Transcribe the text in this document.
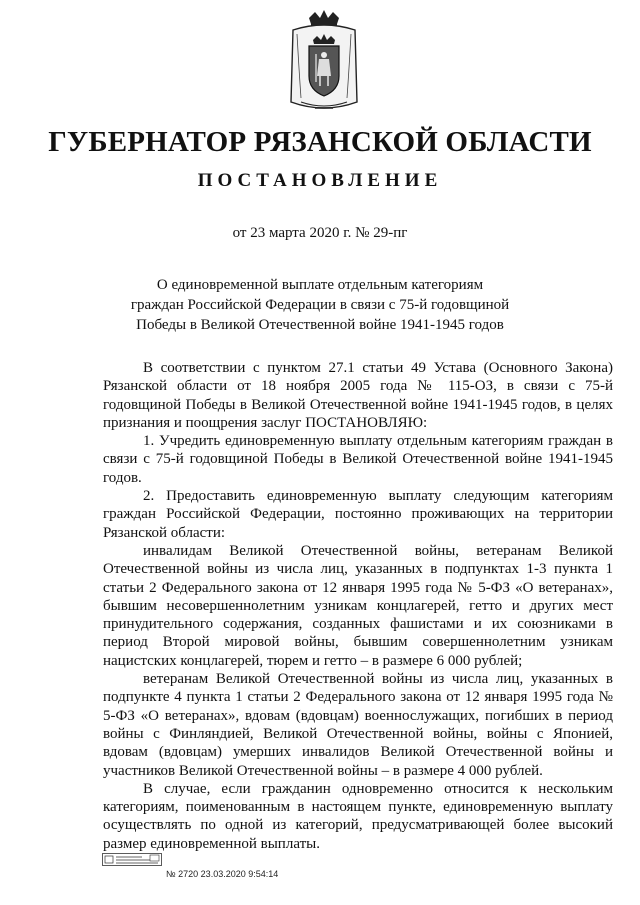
ГУБЕРНАТОР РЯЗАНСКОЙ ОБЛАСТИ
ПОСТАНОВЛЕНИЕ
от 23 марта 2020 г. № 29-пг
О единовременной выплате отдельным категориям
граждан Российской Федерации в связи с 75-й годовщиной
Победы в Великой Отечественной войне 1941-1945 годов

В соответствии с пунктом 27.1 статьи 49 Устава (Основного Закона) Рязанской области от 18 ноября 2005 года № 115-ОЗ, в связи с 75-й годовщиной Победы в Великой Отечественной войне 1941-1945 годов, в целях признания и поощрения заслуг ПОСТАНОВЛЯЮ:

1. Учредить единовременную выплату отдельным категориям граждан в связи с 75-й годовщиной Победы в Великой Отечественной войне 1941-1945 годов.

2. Предоставить единовременную выплату следующим категориям граждан Российской Федерации, постоянно проживающих на территории Рязанской области:

инвалидам Великой Отечественной войны, ветеранам Великой Отечественной войны из числа лиц, указанных в подпунктах 1-3 пункта 1 статьи 2 Федерального закона от 12 января 1995 года № 5-ФЗ «О ветеранах», бывшим несовершеннолетним узникам концлагерей, гетто и других мест принудительного содержания, созданных фашистами и их союзниками в период Второй мировой войны, бывшим совершеннолетним узникам нацистских концлагерей, тюрем и гетто – в размере 6 000 рублей;

ветеранам Великой Отечественной войны из числа лиц, указанных в подпункте 4 пункта 1 статьи 2 Федерального закона от 12 января 1995 года № 5-ФЗ «О ветеранах», вдовам (вдовцам) военнослужащих, погибших в период войны с Финляндией, Великой Отечественной войны, войны с Японией, вдовам (вдовцам) умерших инвалидов Великой Отечественной войны и участников Великой Отечественной войны – в размере 4 000 рублей.

В случае, если гражданин одновременно относится к нескольким категориям, поименованным в настоящем пункте, единовременную выплату осуществлять по одной из категорий, предусматривающей более высокий размер единовременной выплаты.

№ 2720 23.03.2020 9:54:14
